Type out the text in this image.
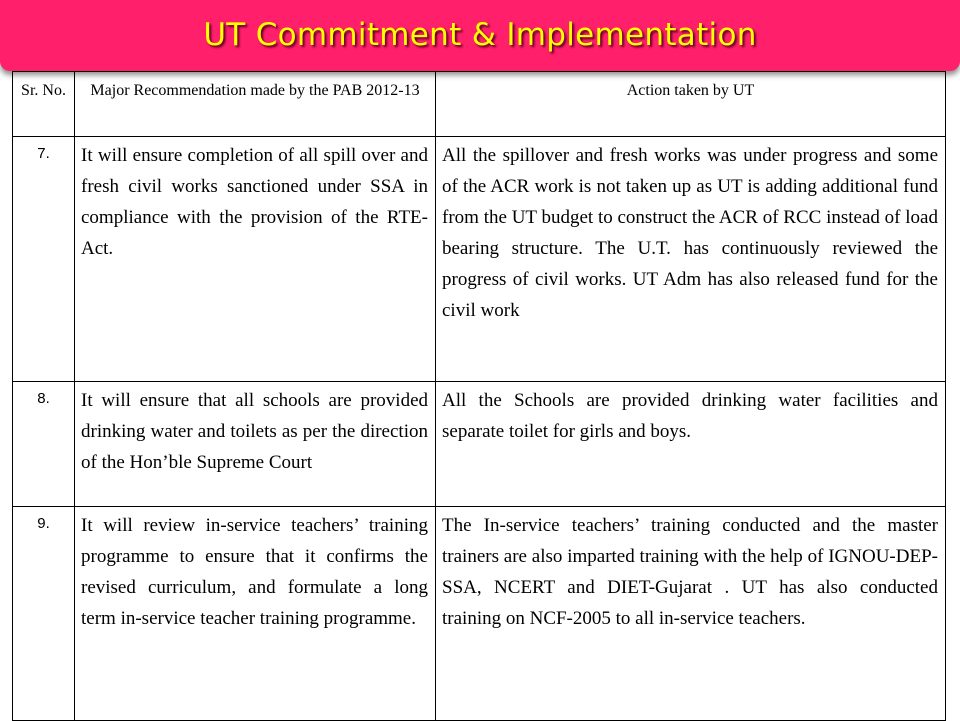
UT Commitment & Implementation
Sr. No.	Major Recommendation made by the PAB 2012-13	Action taken by UT
7.	It will ensure completion of all spill over and fresh civil works sanctioned under SSA in compliance with the provision of the RTE-Act.	All the spillover and fresh works was under progress and some of the ACR work is not taken up as UT is adding additional fund from the UT budget to construct the ACR of RCC instead of load bearing structure. The U.T. has continuously reviewed the progress of civil works. UT Adm has also released fund for the civil work
8.	It will ensure that all schools are provided drinking water and toilets as per the direction of the Hon’ble Supreme Court	All the Schools are provided drinking water facilities and separate toilet for girls and boys.
9.	It will review in-service teachers’ training programme to ensure that it confirms the revised curriculum, and formulate a long term in-service teacher training programme.	The In-service teachers’ training conducted and the master trainers are also imparted training with the help of IGNOU-DEP-SSA, NCERT and DIET-Gujarat . UT has also conducted training on NCF-2005 to all in-service teachers.
